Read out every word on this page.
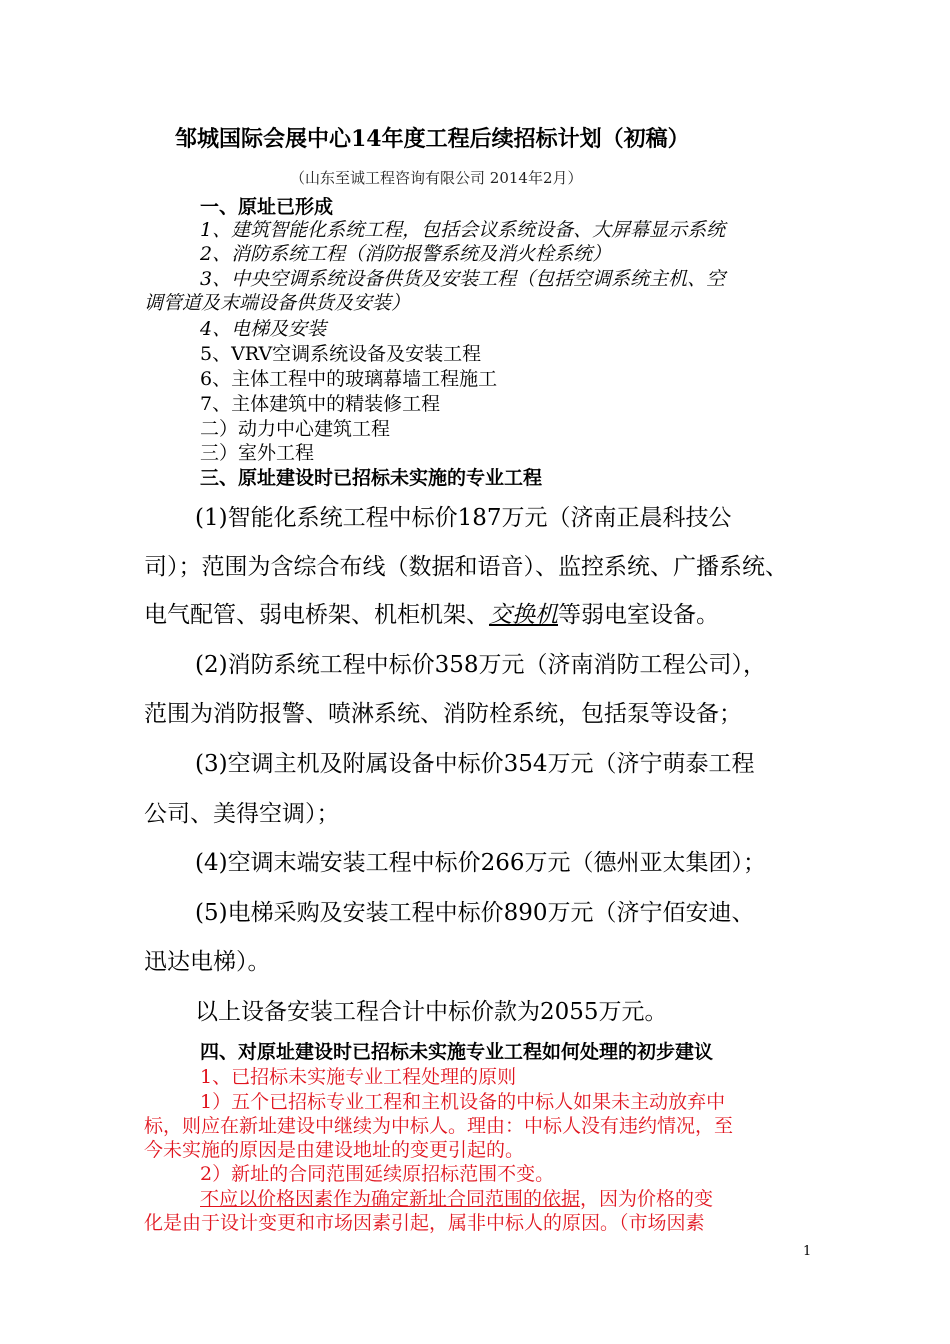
邹城国际会展中心14年度工程后续招标计划（初稿）
（山东至诚工程咨询有限公司 2014年2月）
一、原址已形成
1、建筑智能化系统工程，包括会议系统设备、大屏幕显示系统
2、消防系统工程（消防报警系统及消火栓系统）
3、中央空调系统设备供货及安装工程（包括空调系统主机、空
调管道及末端设备供货及安装）
4、电梯及安装
5、VRV空调系统设备及安装工程
6、主体工程中的玻璃幕墙工程施工
7、主体建筑中的精装修工程
二）动力中心建筑工程
三）室外工程
三、原址建设时已招标未实施的专业工程
(1)智能化系统工程中标价187万元（济南正晨科技公
司）；范围为含综合布线（数据和语音）、监控系统、广播系统、
电气配管、弱电桥架、机柜机架、交换机等弱电室设备。
(2)消防系统工程中标价358万元（济南消防工程公司），
范围为消防报警、喷淋系统、消防栓系统，包括泵等设备；
(3)空调主机及附属设备中标价354万元（济宁萌泰工程
公司、美得空调）；
(4)空调末端安装工程中标价266万元（德州亚太集团）；
(5)电梯采购及安装工程中标价890万元（济宁佰安迪、
迅达电梯）。
以上设备安装工程合计中标价款为2055万元。
四、对原址建设时已招标未实施专业工程如何处理的初步建议
1、已招标未实施专业工程处理的原则
1）五个已招标专业工程和主机设备的中标人如果未主动放弃中
标，则应在新址建设中继续为中标人。理由：中标人没有违约情况，至
今未实施的原因是由建设地址的变更引起的。
2）新址的合同范围延续原招标范围不变。
不应以价格因素作为确定新址合同范围的依据，因为价格的变
化是由于设计变更和市场因素引起，属非中标人的原因。（市场因素
1
